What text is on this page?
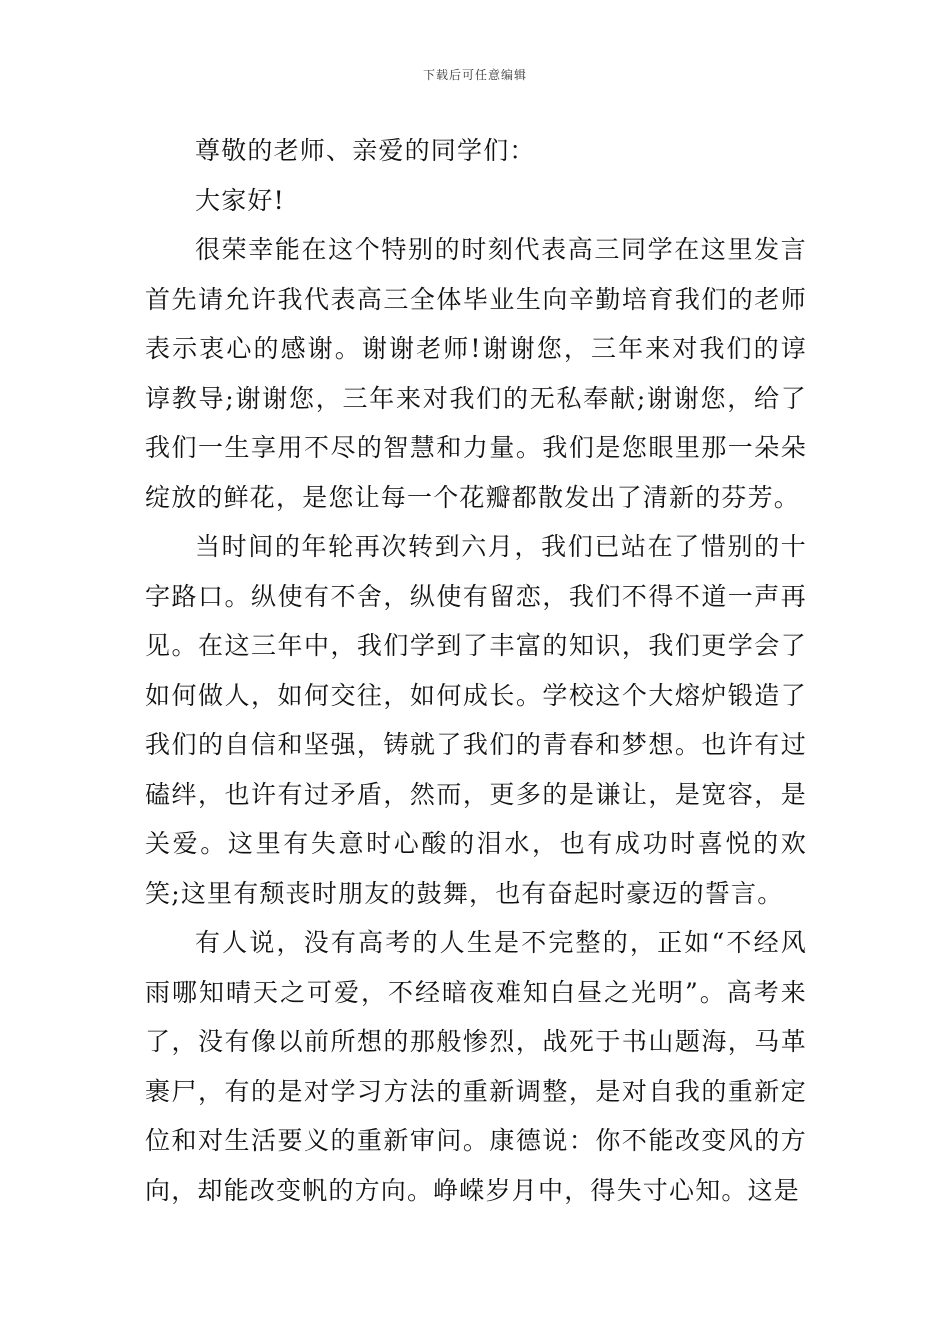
下载后可任意编辑

尊敬的老师、亲爱的同学们：

大家好!

很荣幸能在这个特别的时刻代表高三同学在这里发言首先请允许我代表高三全体毕业生向辛勤培育我们的老师表示衷心的感谢。谢谢老师!谢谢您，三年来对我们的谆谆教导;谢谢您，三年来对我们的无私奉献;谢谢您，给了我们一生享用不尽的智慧和力量。我们是您眼里那一朵朵绽放的鲜花，是您让每一个花瓣都散发出了清新的芬芳。

当时间的年轮再次转到六月，我们已站在了惜别的十字路口。纵使有不舍，纵使有留恋，我们不得不道一声再见。在这三年中，我们学到了丰富的知识，我们更学会了如何做人，如何交往，如何成长。学校这个大熔炉锻造了我们的自信和坚强，铸就了我们的青春和梦想。也许有过磕绊，也许有过矛盾，然而，更多的是谦让，是宽容，是关爱。这里有失意时心酸的泪水，也有成功时喜悦的欢笑;这里有颓丧时朋友的鼓舞，也有奋起时豪迈的誓言。

有人说，没有高考的人生是不完整的，正如“不经风雨哪知晴天之可爱，不经暗夜难知白昼之光明”。高考来了，没有像以前所想的那般惨烈，战死于书山题海，马革裹尸，有的是对学习方法的重新调整，是对自我的重新定位和对生活要义的重新审问。康德说：你不能改变风的方向，却能改变帆的方向。峥嵘岁月中，得失寸心知。这是
